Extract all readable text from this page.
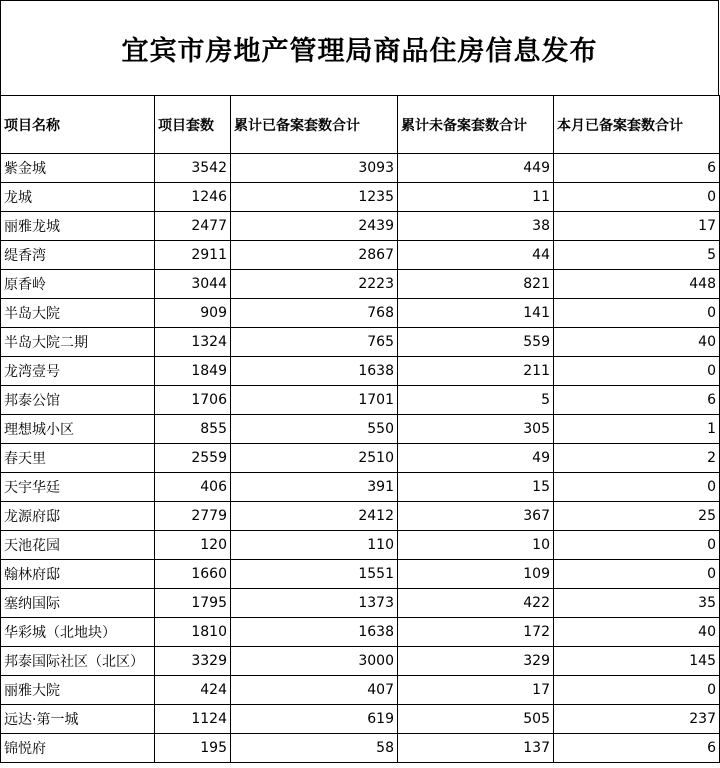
宜宾市房地产管理局商品住房信息发布
项目名称	项目套数	累计已备案套数合计	累计未备案套数合计	本月已备案套数合计
紫金城	3542	3093	449	6
龙城	1246	1235	11	0
丽雅龙城	2477	2439	38	17
缇香湾	2911	2867	44	5
原香岭	3044	2223	821	448
半岛大院	909	768	141	0
半岛大院二期	1324	765	559	40
龙湾壹号	1849	1638	211	0
邦泰公馆	1706	1701	5	6
理想城小区	855	550	305	1
春天里	2559	2510	49	2
天宇华廷	406	391	15	0
龙源府邸	2779	2412	367	25
天池花园	120	110	10	0
翰林府邸	1660	1551	109	0
塞纳国际	1795	1373	422	35
华彩城（北地块）	1810	1638	172	40
邦泰国际社区（北区）	3329	3000	329	145
丽雅大院	424	407	17	0
远达·第一城	1124	619	505	237
锦悦府	195	58	137	6
